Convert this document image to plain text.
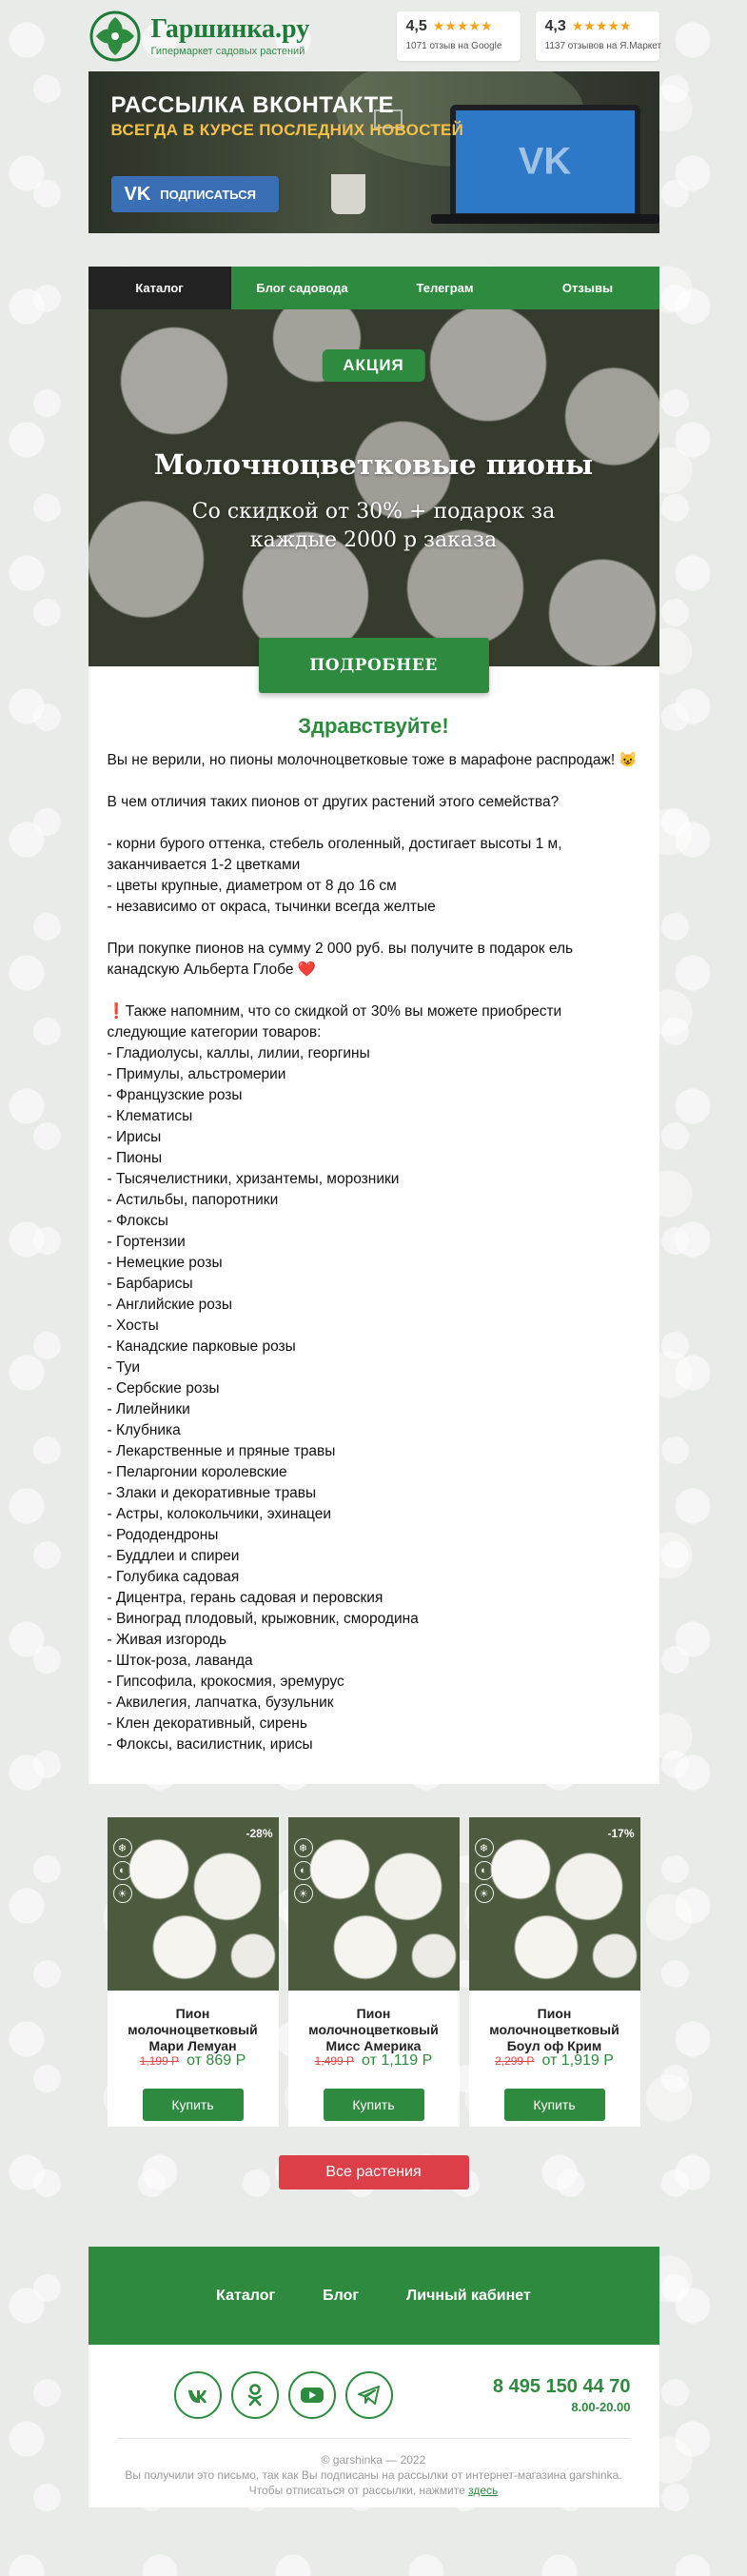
Гаршинка.ру
Гипермаркет садовых растений
4,5 ★★★★★
1071 отзыв на Google
4,3 ★★★★★
1137 отзывов на Я.Маркет
VK
РАССЫЛКА ВКОНТАКТЕ
ВСЕГДА В КУРСЕ ПОСЛЕДНИХ НОВОСТЕЙ
VK ПОДПИСАТЬСЯ
Каталог	Блог садовода	Телеграм	Отзывы
АКЦИЯ
Молочноцветковые пионы
Со скидкой от 30% + подарок за каждые 2000 р заказа
ПОДРОБНЕЕ
Здравствуйте!
Вы не верили, но пионы молочноцветковые тоже в марафоне распродаж! 😺
В чем отличия таких пионов от других растений этого семейства?
- корни бурого оттенка, стебель оголенный, достигает высоты 1 м, заканчивается 1-2 цветками
- цветы крупные, диаметром от 8 до 16 см
- независимо от окраса, тычинки всегда желтые
При покупке пионов на сумму 2 000 руб. вы получите в подарок ель канадскую Альберта Глобе ❤️
❗Также напомним, что со скидкой от 30% вы можете приобрести следующие категории товаров:
- Гладиолусы, каллы, лилии, георгины
- Примулы, альстромерии
- Французские розы
- Клематисы
- Ирисы
- Пионы
- Тысячелистники, хризантемы, морозники
- Астильбы, папоротники
- Флоксы
- Гортензии
- Немецкие розы
- Барбарисы
- Английские розы
- Хосты
- Канадские парковые розы
- Туи
- Сербские розы
- Лилейники
- Клубника
- Лекарственные и пряные травы
- Пеларгонии королевские
- Злаки и декоративные травы
- Астры, колокольчики, эхинацеи
- Рододендроны
- Буддлеи и спиреи
- Голубика садовая
- Дицентра, герань садовая и перовския
- Виноград плодовый, крыжовник, смородина
- Живая изгородь
- Шток-роза, лаванда
- Гипсофила, крокосмия, эремурус
- Аквилегия, лапчатка, бузульник
- Клен декоративный, сирень
- Флоксы, василистник, ирисы
-28%
❄
◐
☀
Пион молочноцветковый Мари Лемуан
1,199 Р от 869 Р
Купить
❄
◐
☀
Пион молочноцветковый Мисс Америка
1,499 Р от 1,119 Р
Купить
-17%
❄
◐
☀
Пион молочноцветковый Боул оф Крим
2,299 Р от 1,919 Р
Купить
Все растения
Каталог	Блог	Личный кабинет
8 495 150 44 70
8.00-20.00
© garshinka — 2022
Вы получили это письмо, так как Вы подписаны на рассылки от интернет-магазина garshinka.
Чтобы отписаться от рассылки, нажмите здесь
